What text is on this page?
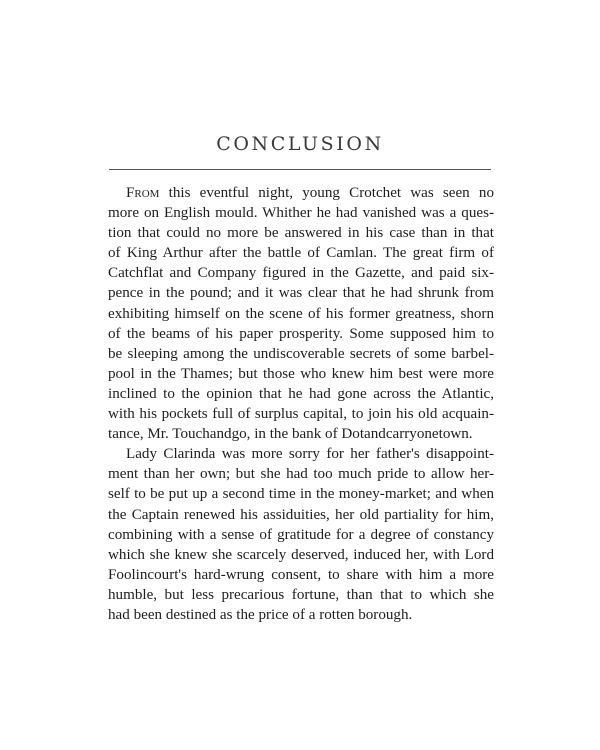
CONCLUSION
From this eventful night, young Crotchet was seen no
more on English mould. Whither he had vanished was a ques-
tion that could no more be answered in his case than in that
of King Arthur after the battle of Camlan. The great firm of
Catchflat and Company figured in the Gazette, and paid six-
pence in the pound; and it was clear that he had shrunk from
exhibiting himself on the scene of his former greatness, shorn
of the beams of his paper prosperity. Some supposed him to
be sleeping among the undiscoverable secrets of some barbel-
pool in the Thames; but those who knew him best were more
inclined to the opinion that he had gone across the Atlantic,
with his pockets full of surplus capital, to join his old acquain-
tance, Mr. Touchandgo, in the bank of Dotandcarryonetown.
Lady Clarinda was more sorry for her father's disappoint-
ment than her own; but she had too much pride to allow her-
self to be put up a second time in the money-market; and when
the Captain renewed his assiduities, her old partiality for him,
combining with a sense of gratitude for a degree of constancy
which she knew she scarcely deserved, induced her, with Lord
Foolincourt's hard-wrung consent, to share with him a more
humble, but less precarious fortune, than that to which she
had been destined as the price of a rotten borough.
